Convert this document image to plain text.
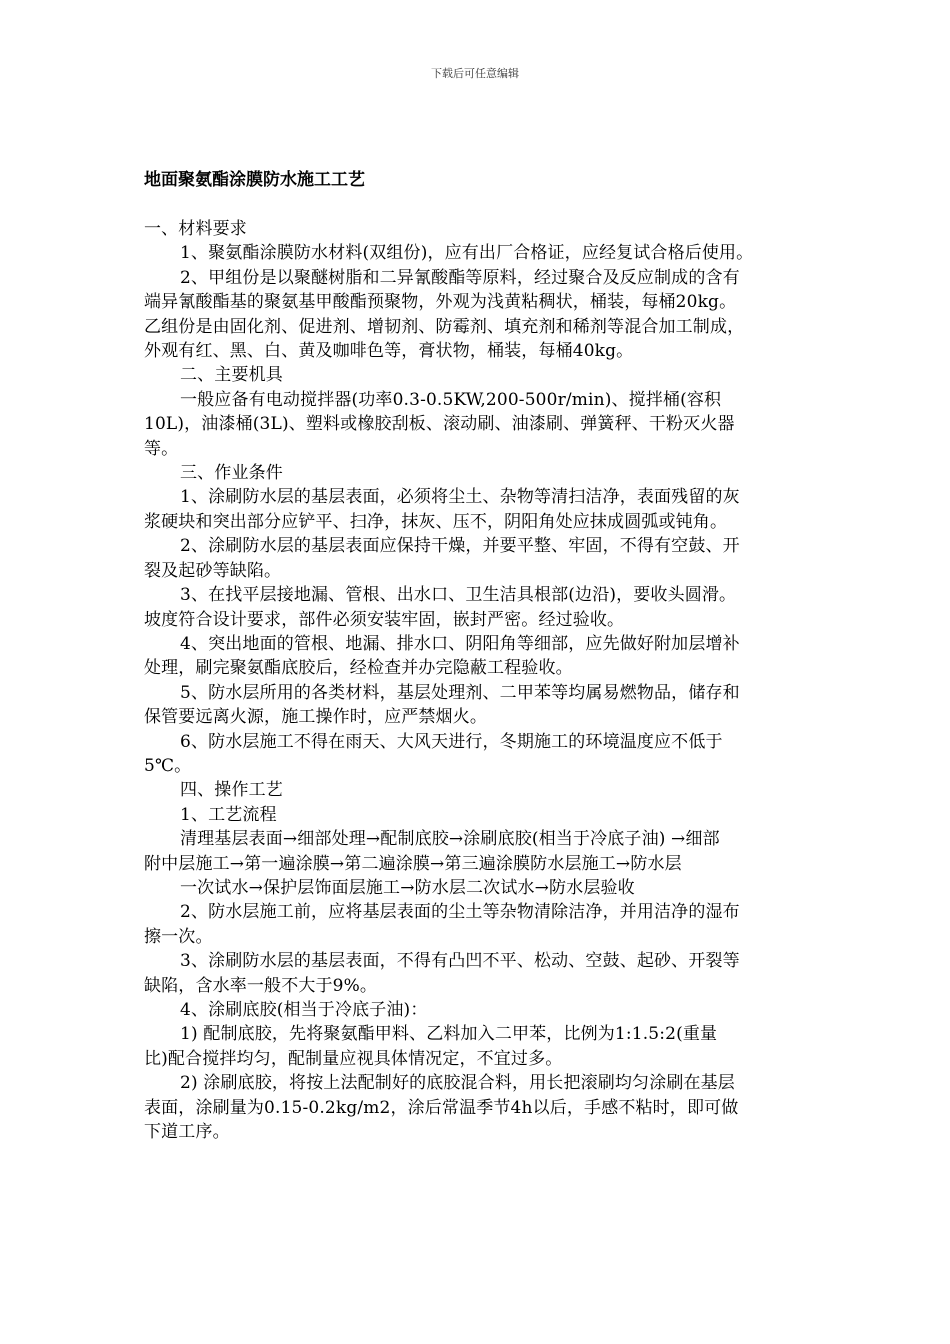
下载后可任意编辑
地面聚氨酯涂膜防水施工工艺

一、材料要求

1、聚氨酯涂膜防水材料(双组份)，应有出厂合格证，应经复试合格后使用。

2、甲组份是以聚醚树脂和二异氰酸酯等原料，经过聚合及反应制成的含有

端异氰酸酯基的聚氨基甲酸酯预聚物，外观为浅黄粘稠状，桶装，每桶20kg。

乙组份是由固化剂、促进剂、增韧剂、防霉剂、填充剂和稀剂等混合加工制成，

外观有红、黑、白、黄及咖啡色等，膏状物，桶装，每桶40kg。

二、主要机具

一般应备有电动搅拌器(功率0.3-0.5KW,200-500r/min)、搅拌桶(容积

10L)，油漆桶(3L)、塑料或橡胶刮板、滚动刷、油漆刷、弹簧秤、干粉灭火器

等。

三、作业条件

1、涂刷防水层的基层表面，必须将尘土、杂物等清扫洁净，表面残留的灰

浆硬块和突出部分应铲平、扫净，抹灰、压不，阴阳角处应抹成圆弧或钝角。

2、涂刷防水层的基层表面应保持干燥，并要平整、牢固，不得有空鼓、开

裂及起砂等缺陷。

3、在找平层接地漏、管根、出水口、卫生洁具根部(边沿)，要收头圆滑。

坡度符合设计要求，部件必须安装牢固，嵌封严密。经过验收。

4、突出地面的管根、地漏、排水口、阴阳角等细部，应先做好附加层增补

处理，刷完聚氨酯底胶后，经检查并办完隐蔽工程验收。

5、防水层所用的各类材料，基层处理剂、二甲苯等均属易燃物品，储存和

保管要远离火源，施工操作时，应严禁烟火。

6、防水层施工不得在雨天、大风天进行，冬期施工的环境温度应不低于

5℃。

四、操作工艺

1、工艺流程

清理基层表面→细部处理→配制底胶→涂刷底胶(相当于冷底子油) →细部

附中层施工→第一遍涂膜→第二遍涂膜→第三遍涂膜防水层施工→防水层

一次试水→保护层饰面层施工→防水层二次试水→防水层验收

2、防水层施工前，应将基层表面的尘土等杂物清除洁净，并用洁净的湿布

擦一次。

3、涂刷防水层的基层表面，不得有凸凹不平、松动、空鼓、起砂、开裂等

缺陷，含水率一般不大于9%。

4、涂刷底胶(相当于冷底子油)：

1) 配制底胶，先将聚氨酯甲料、乙料加入二甲苯，比例为1:1.5:2(重量

比)配合搅拌均匀，配制量应视具体情况定，不宜过多。

2) 涂刷底胶，将按上法配制好的底胶混合料，用长把滚刷均匀涂刷在基层

表面，涂刷量为0.15-0.2kg/m2，涂后常温季节4h以后，手感不粘时，即可做

下道工序。
